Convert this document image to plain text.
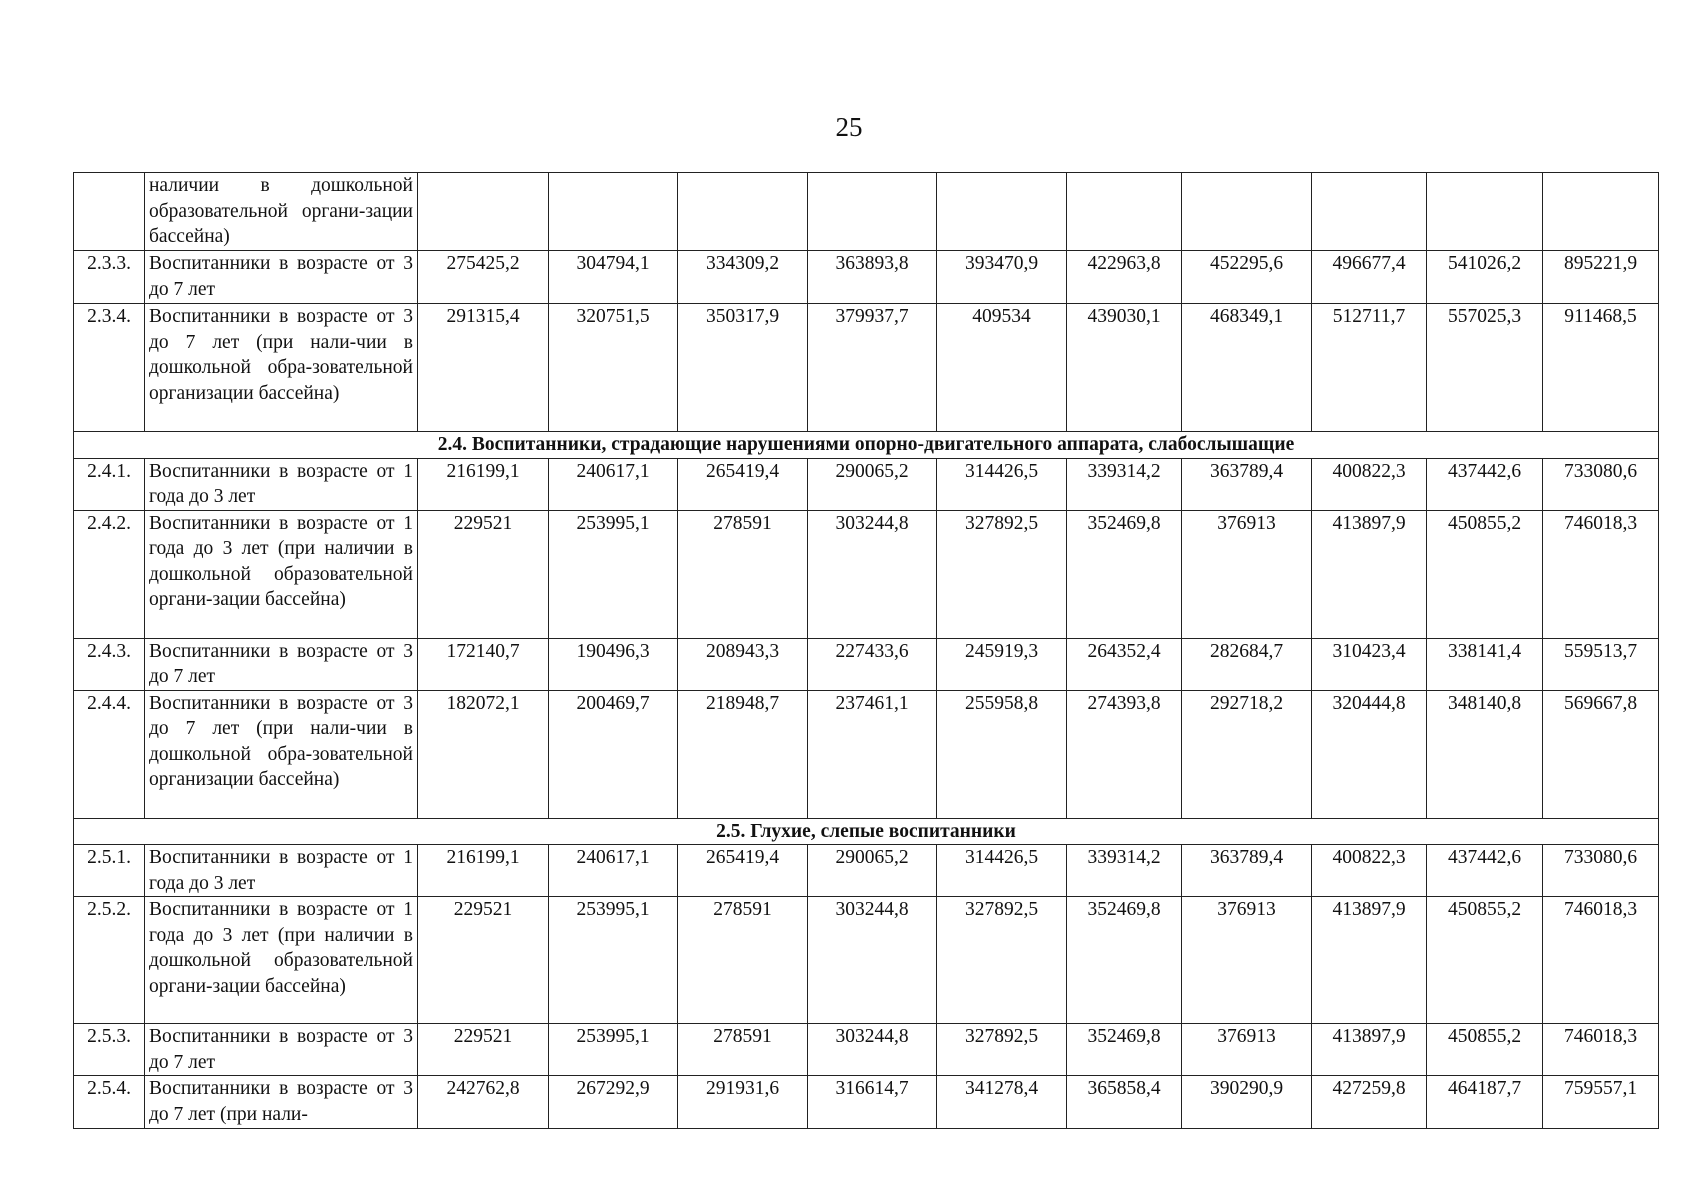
25
	наличии в дошкольной образовательной органи-зации бассейна)										
2.3.3.	Воспитанники в возрасте от 3 до 7 лет	275425,2	304794,1	334309,2	363893,8	393470,9	422963,8	452295,6	496677,4	541026,2	895221,9
2.3.4.	Воспитанники в возрасте от 3 до 7 лет (при нали-чии в дошкольной обра-зовательной организации бассейна)	291315,4	320751,5	350317,9	379937,7	409534	439030,1	468349,1	512711,7	557025,3	911468,5
2.4. Воспитанники, страдающие нарушениями опорно-двигательного аппарата, слабослышащие											
2.4.1.	Воспитанники в возрасте от 1 года до 3 лет	216199,1	240617,1	265419,4	290065,2	314426,5	339314,2	363789,4	400822,3	437442,6	733080,6
2.4.2.	Воспитанники в возрасте от 1 года до 3 лет (при наличии в дошкольной образовательной органи-зации бассейна)	229521	253995,1	278591	303244,8	327892,5	352469,8	376913	413897,9	450855,2	746018,3
2.4.3.	Воспитанники в возрасте от 3 до 7 лет	172140,7	190496,3	208943,3	227433,6	245919,3	264352,4	282684,7	310423,4	338141,4	559513,7
2.4.4.	Воспитанники в возрасте от 3 до 7 лет (при нали-чии в дошкольной обра-зовательной организации бассейна)	182072,1	200469,7	218948,7	237461,1	255958,8	274393,8	292718,2	320444,8	348140,8	569667,8
2.5. Глухие, слепые воспитанники											
2.5.1.	Воспитанники в возрасте от 1 года до 3 лет	216199,1	240617,1	265419,4	290065,2	314426,5	339314,2	363789,4	400822,3	437442,6	733080,6
2.5.2.	Воспитанники в возрасте от 1 года до 3 лет (при наличии в дошкольной образовательной органи-зации бассейна)	229521	253995,1	278591	303244,8	327892,5	352469,8	376913	413897,9	450855,2	746018,3
2.5.3.	Воспитанники в возрасте от 3 до 7 лет	229521	253995,1	278591	303244,8	327892,5	352469,8	376913	413897,9	450855,2	746018,3
2.5.4.	Воспитанники в возрасте от 3 до 7 лет (при нали-	242762,8	267292,9	291931,6	316614,7	341278,4	365858,4	390290,9	427259,8	464187,7	759557,1
